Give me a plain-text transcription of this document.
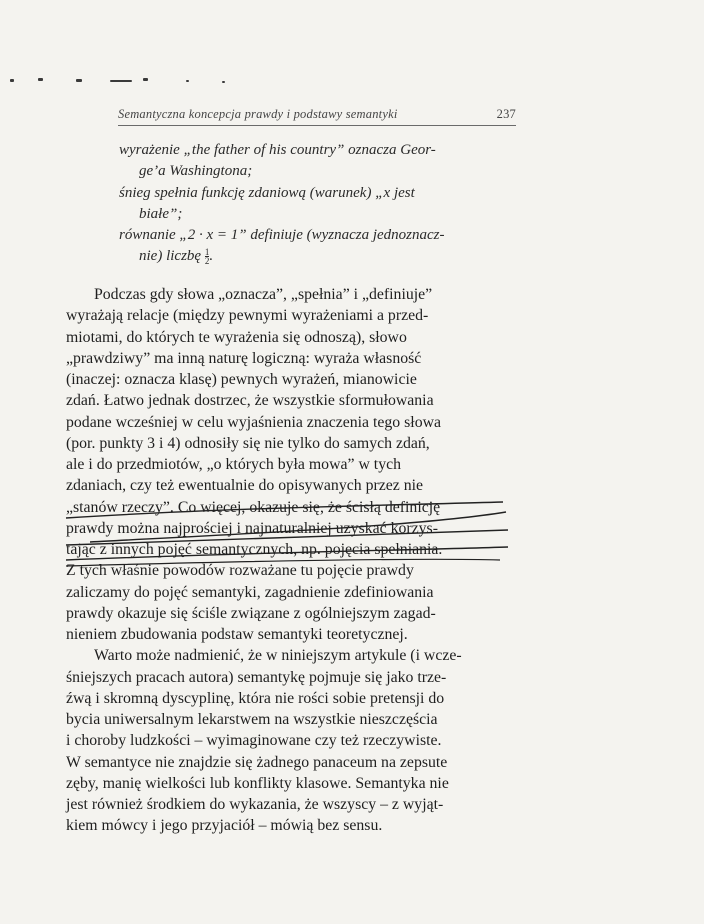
Semantyczna koncepcja prawdy i podstawy semantyki	237
wyrażenie „the father of his country” oznacza Geor-
ge’a Washingtona;
śnieg spełnia funkcję zdaniową (warunek) „x jest
białe”;
równanie „2 · x = 1” definiuje (wyznacza jednoznacz-
nie) liczbę $\frac{1}{2}$ .
Podczas gdy słowa „oznacza”, „spełnia” i „definiuje”
wyrażają relacje (między pewnymi wyrażeniami a przed-
miotami, do których te wyrażenia się odnoszą), słowo
„prawdziwy” ma inną naturę logiczną: wyraża własność
(inaczej: oznacza klasę) pewnych wyrażeń, mianowicie
zdań. Łatwo jednak dostrzec, że wszystkie sformułowania
podane wcześniej w celu wyjaśnienia znaczenia tego słowa
(por. punkty 3 i 4) odnosiły się nie tylko do samych zdań,
ale i do przedmiotów, „o których była mowa” w tych
zdaniach, czy też ewentualnie do opisywanych przez nie
„stanów rzeczy”. Co więcej, okazuje się, że ścisłą definicję
prawdy można najprościej i najnaturalniej uzyskać korzys-
tając z innych pojęć semantycznych, np. pojęcia spełniania.
Z tych właśnie powodów rozważane tu pojęcie prawdy
zaliczamy do pojęć semantyki, zagadnienie zdefiniowania
prawdy okazuje się ściśle związane z ogólniejszym zagad-
nieniem zbudowania podstaw semantyki teoretycznej.
Warto może nadmienić, że w niniejszym artykule (i wcze-
śniejszych pracach autora) semantykę pojmuje się jako trze-
źwą i skromną dyscyplinę, która nie rości sobie pretensji do
bycia uniwersalnym lekarstwem na wszystkie nieszczęścia
i choroby ludzkości – wyimaginowane czy też rzeczywiste.
W semantyce nie znajdzie się żadnego panaceum na zepsute
zęby, manię wielkości lub konflikty klasowe. Semantyka nie
jest również środkiem do wykazania, że wszyscy – z wyjąt-
kiem mówcy i jego przyjaciół – mówią bez sensu.
